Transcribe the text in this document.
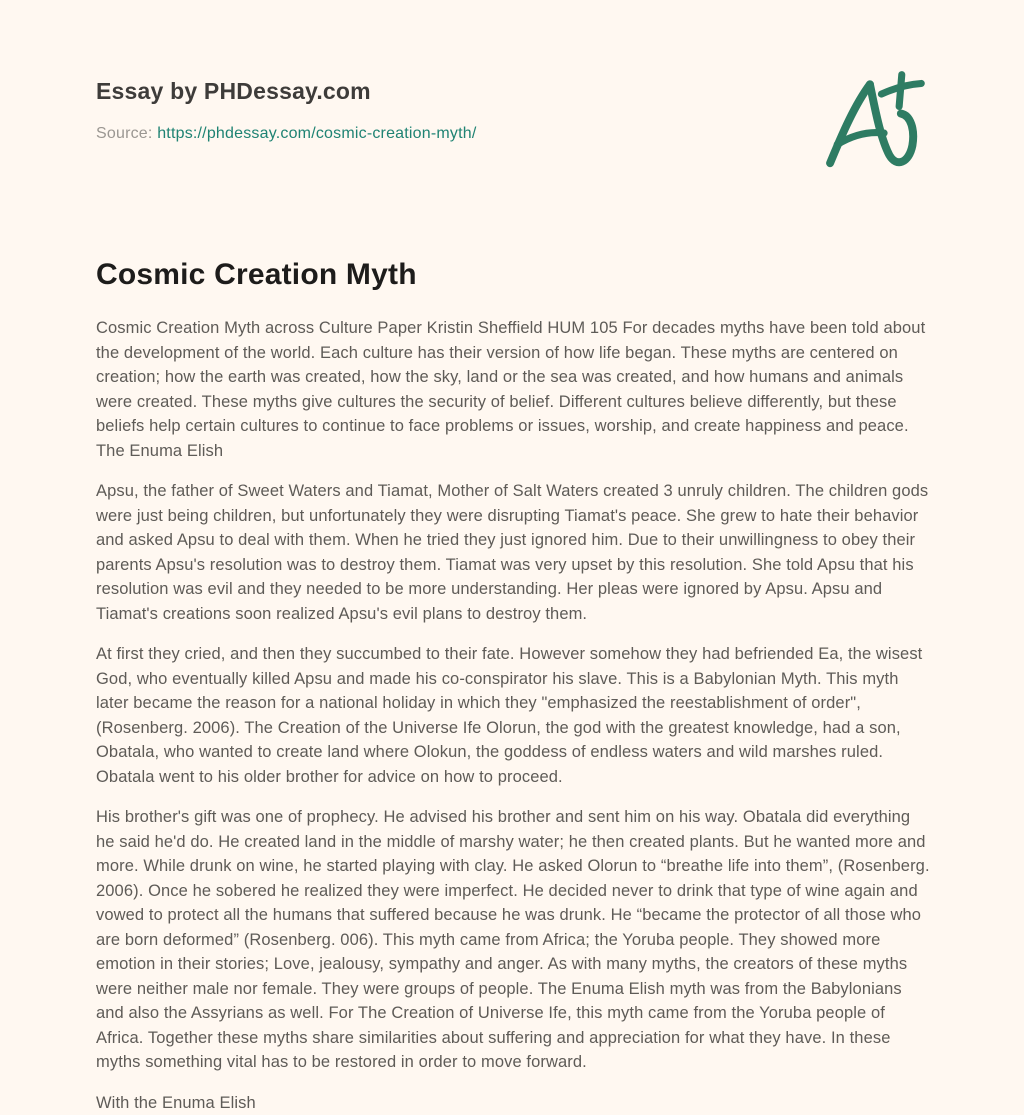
Essay by PHDessay.com
Source: https://phdessay.com/cosmic-creation-myth/
Cosmic Creation Myth

Cosmic Creation Myth across Culture Paper Kristin Sheffield HUM 105 For decades myths have been told about the development of the world. Each culture has their version of how life began. These myths are centered on creation; how the earth was created, how the sky, land or the sea was created, and how humans and animals were created. These myths give cultures the security of belief. Different cultures believe differently, but these beliefs help certain cultures to continue to face problems or issues, worship, and create happiness and peace. The Enuma Elish

Apsu, the father of Sweet Waters and Tiamat, Mother of Salt Waters created 3 unruly children. The children gods were just being children, but unfortunately they were disrupting Tiamat's peace. She grew to hate their behavior and asked Apsu to deal with them. When he tried they just ignored him. Due to their unwillingness to obey their parents Apsu's resolution was to destroy them. Tiamat was very upset by this resolution. She told Apsu that his resolution was evil and they needed to be more understanding. Her pleas were ignored by Apsu. Apsu and Tiamat's creations soon realized Apsu's evil plans to destroy them.

At first they cried, and then they succumbed to their fate. However somehow they had befriended Ea, the wisest God, who eventually killed Apsu and made his co-conspirator his slave. This is a Babylonian Myth. This myth later became the reason for a national holiday in which they "emphasized the reestablishment of order", (Rosenberg. 2006). The Creation of the Universe Ife Olorun, the god with the greatest knowledge, had a son, Obatala, who wanted to create land where Olokun, the goddess of endless waters and wild marshes ruled. Obatala went to his older brother for advice on how to proceed.

His brother's gift was one of prophecy. He advised his brother and sent him on his way. Obatala did everything he said he'd do. He created land in the middle of marshy water; he then created plants. But he wanted more and more. While drunk on wine, he started playing with clay. He asked Olorun to “breathe life into them”, (Rosenberg. 2006). Once he sobered he realized they were imperfect. He decided never to drink that type of wine again and vowed to protect all the humans that suffered because he was drunk. He “became the protector of all those who are born deformed” (Rosenberg. 006). This myth came from Africa; the Yoruba people. They showed more emotion in their stories; Love, jealousy, sympathy and anger. As with many myths, the creators of these myths were neither male nor female. They were groups of people. The Enuma Elish myth was from the Babylonians and also the Assyrians as well. For The Creation of Universe Ife, this myth came from the Yoruba people of Africa. Together these myths share similarities about suffering and appreciation for what they have. In these myths something vital has to be restored in order to move forward.

With the Enuma Elish
